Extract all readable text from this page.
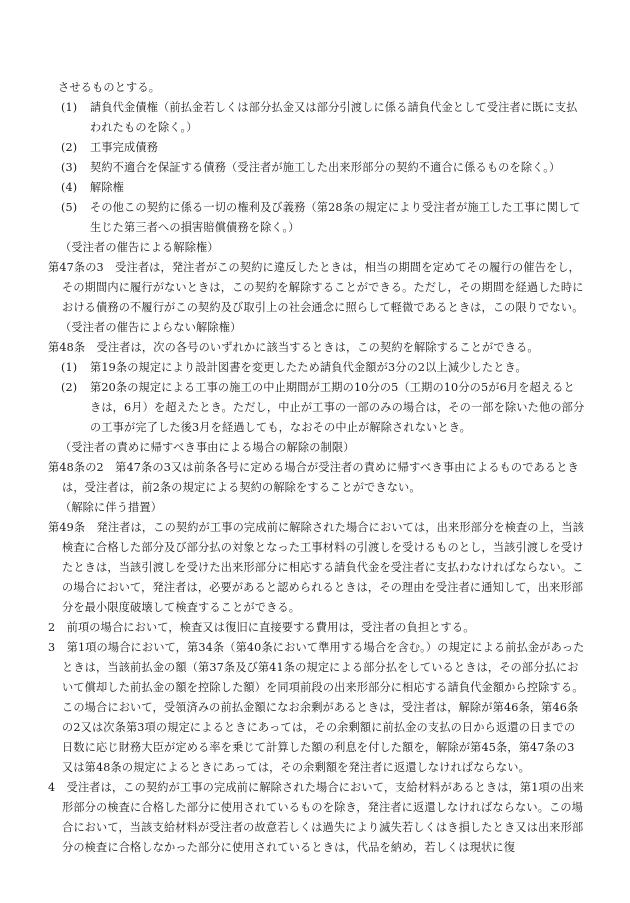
させるものとする。
(1) 請負代金債権（前払金若しくは部分払金又は部分引渡しに係る請負代金として受注者に既に支払われたものを除く。）
(2) 工事完成債務
(3) 契約不適合を保証する債務（受注者が施工した出来形部分の契約不適合に係るものを除く。）
(4) 解除権
(5) その他この契約に係る一切の権利及び義務（第28条の規定により受注者が施工した工事に関して生じた第三者への損害賠償債務を除く。）
（受注者の催告による解除権）
第47条の3　受注者は，発注者がこの契約に違反したときは，相当の期間を定めてその履行の催告をし，その期間内に履行がないときは，この契約を解除することができる。ただし，その期間を経過した時における債務の不履行がこの契約及び取引上の社会通念に照らして軽微であるときは，この限りでない。
（受注者の催告によらない解除権）
第48条　受注者は，次の各号のいずれかに該当するときは，この契約を解除することができる。
(1) 第19条の規定により設計図書を変更したため請負代金額が3分の2以上減少したとき。
(2) 第20条の規定による工事の施工の中止期間が工期の10分の5（工期の10分の5が6月を超えるときは，6月）を超えたとき。ただし，中止が工事の一部のみの場合は，その一部を除いた他の部分の工事が完了した後3月を経過しても，なおその中止が解除されないとき。
（受注者の責めに帰すべき事由による場合の解除の制限）
第48条の2　第47条の3又は前条各号に定める場合が受注者の責めに帰すべき事由によるものであるときは，受注者は，前2条の規定による契約の解除をすることができない。
（解除に伴う措置）
第49条　発注者は，この契約が工事の完成前に解除された場合においては，出来形部分を検査の上，当該検査に合格した部分及び部分払の対象となった工事材料の引渡しを受けるものとし，当該引渡しを受けたときは，当該引渡しを受けた出来形部分に相応する請負代金を受注者に支払わなければならない。この場合において，発注者は，必要があると認められるときは，その理由を受注者に通知して，出来形部分を最小限度破壊して検査することができる。
2　前項の場合において，検査又は復旧に直接要する費用は，受注者の負担とする。
3　第1項の場合において，第34条（第40条において準用する場合を含む。）の規定による前払金があったときは，当該前払金の額（第37条及び第41条の規定による部分払をしているときは，その部分払において償却した前払金の額を控除した額）を同項前段の出来形部分に相応する請負代金額から控除する。この場合において，受領済みの前払金額になお余剰があるときは，受注者は，解除が第46条，第46条の2又は次条第3項の規定によるときにあっては，その余剰額に前払金の支払の日から返還の日までの日数に応じ財務大臣が定める率を乗じて計算した額の利息を付した額を，解除が第45条，第47条の3又は第48条の規定によるときにあっては，その余剰額を発注者に返還しなければならない。
4　受注者は，この契約が工事の完成前に解除された場合において，支給材料があるときは，第1項の出来形部分の検査に合格した部分に使用されているものを除き，発注者に返還しなければならない。この場合において，当該支給材料が受注者の故意若しくは過失により滅失若しくはき損したとき又は出来形部分の検査に合格しなかった部分に使用されているときは，代品を納め，若しくは現状に復
